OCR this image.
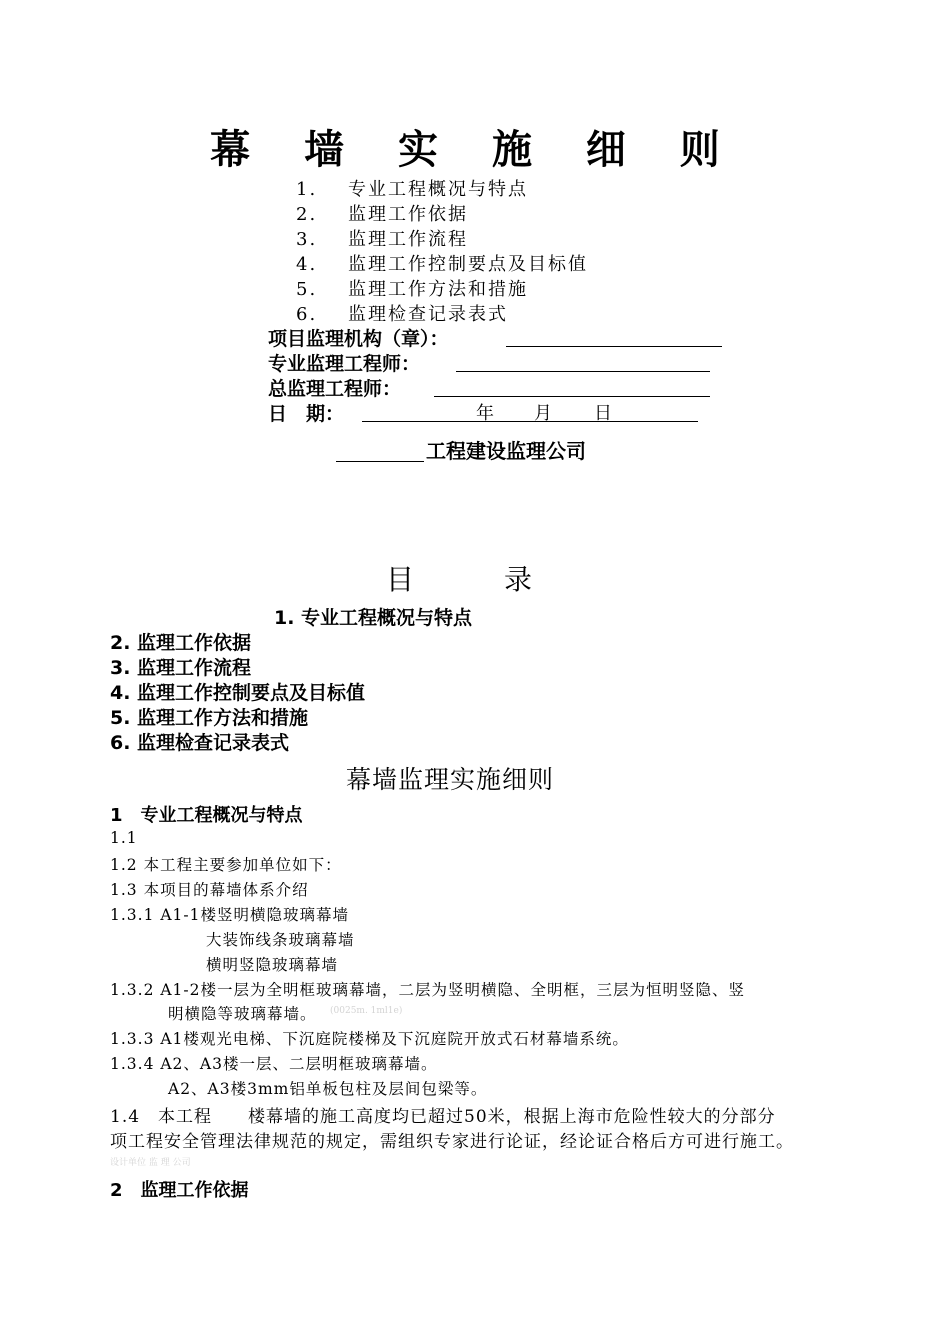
幕 墙 实 施 细 则
1. 专业工程概况与特点
2. 监理工作依据
3. 监理工作流程
4. 监理工作控制要点及目标值
5. 监理工作方法和措施
6. 监理检查记录表式
项目监理机构（章）：
专业监理工程师：
总监理工程师：
日　期：	年 月 日
工程建设监理公司
目	录
1. 专业工程概况与特点
2. 监理工作依据
3. 监理工作流程
4. 监理工作控制要点及目标值
5. 监理工作方法和措施
6. 监理检查记录表式
幕墙监理实施细则
1　专业工程概况与特点
1.1
1.2 本工程主要参加单位如下：
1.3 本项目的幕墙体系介绍
1.3.1 A1-1楼竖明横隐玻璃幕墙
大装饰线条玻璃幕墙
横明竖隐玻璃幕墙
1.3.2 A1-2楼一层为全明框玻璃幕墙，二层为竖明横隐、全明框，三层为恒明竖隐、竖
明横隐等玻璃幕墙。 (0025m. 1ml1e)
1.3.3 A1楼观光电梯、下沉庭院楼梯及下沉庭院开放式石材幕墙系统。
1.3.4 A2、A3楼一层、二层明框玻璃幕墙。
A2、A3楼3mm铝单板包柱及层间包梁等。
1.4　本工程　　楼幕墙的施工高度均已超过50米，根据上海市危险性较大的分部分
项工程安全管理法律规范的规定，需组织专家进行论证，经论证合格后方可进行施工。
设计单位 监 理 公司
2　监理工作依据
